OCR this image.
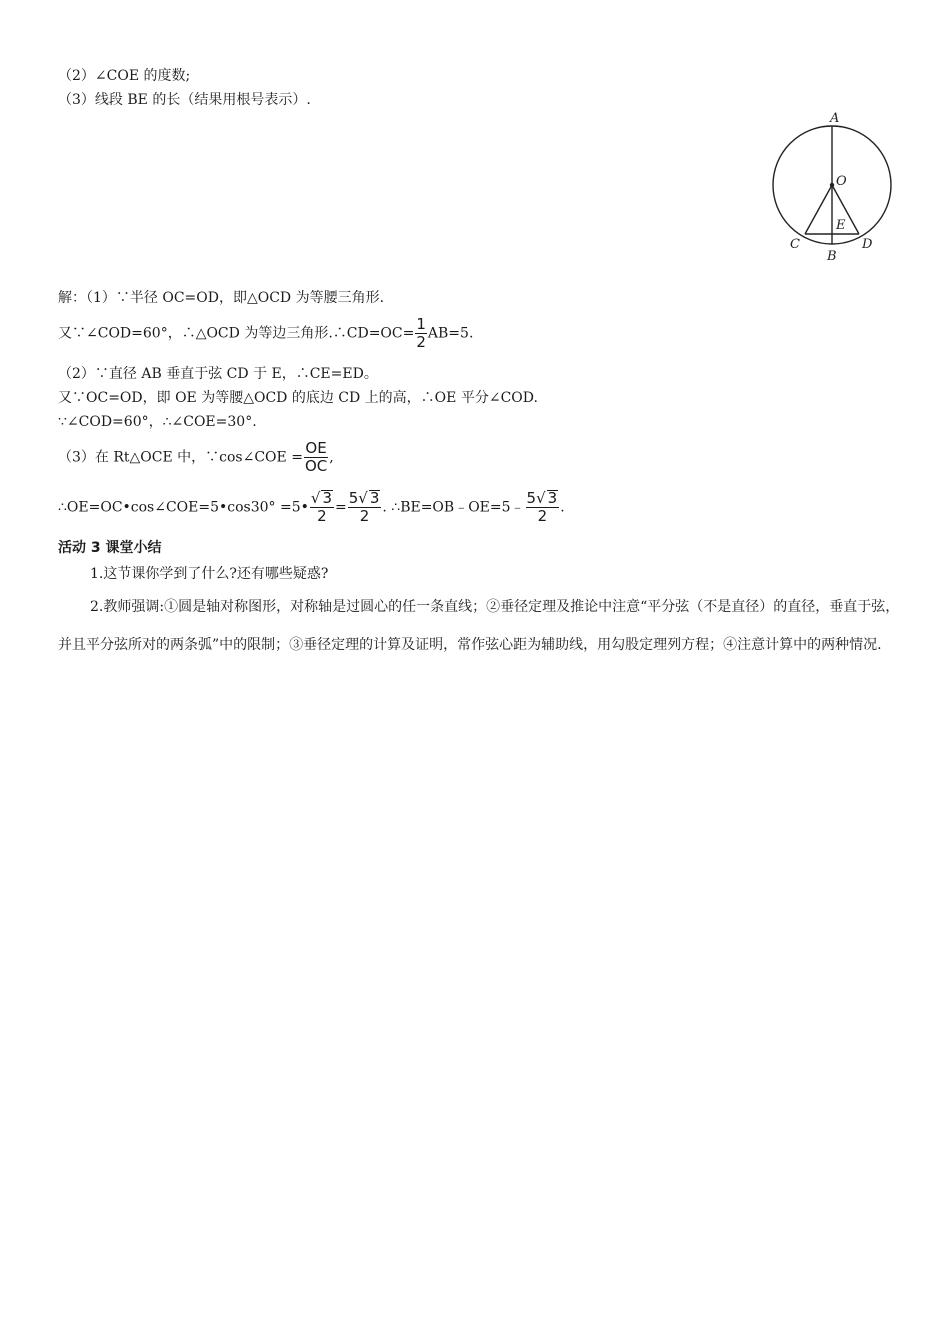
（2）∠COE 的度数;
（3）线段 BE 的长（结果用根号表示）.
A
O
E
C
B
D
解：（1）∵半径 OC=OD，即△OCD 为等腰三角形.
又∵∠COD=60°，∴△OCD 为等边三角形.∴CD=OC= $\frac{1}{2} AB=5$.
（2）∵直径 AB 垂直于弦 CD 于 E，∴CE=ED。
又∵OC=OD，即 OE 为等腰△OCD 的底边 CD 上的高，∴OE 平分∠COD.
∵∠COD=60°，∴∠COE=30°.
（3）在 Rt△OCE 中，∵cos∠COE = $\frac{OE}{OC}$ ,
∴OE=OC•cos∠COE=5•cos30° =5• $\frac{√ 3}{2} = \frac{5√ 3}{2}$ . ∴BE=OB﹣OE=5﹣ $\frac{5√ 3}{2}$ .
活动 3 课堂小结
1.这节课你学到了什么?还有哪些疑惑?
2.教师强调:①圆是轴对称图形，对称轴是过圆心的任一条直线；②垂径定理及推论中注意“平分弦（不是直径）的直径，垂直于弦，并且平分弦所对的两条弧”中的限制；③垂径定理的计算及证明，常作弦心距为辅助线，用勾股定理列方程；④注意计算中的两种情况.
